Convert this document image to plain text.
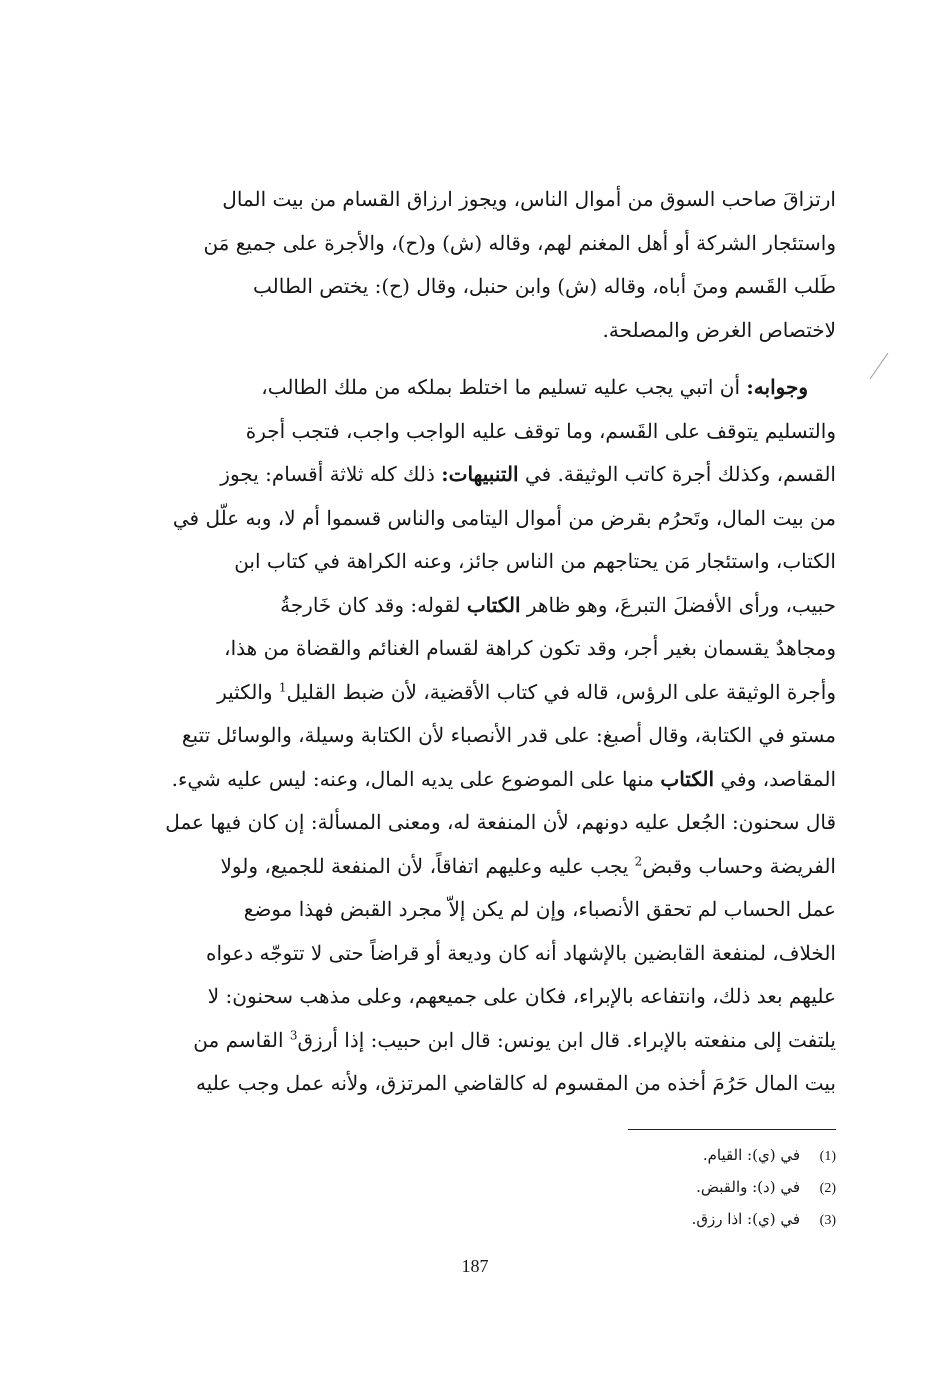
ارتزاقَ صاحب السوق من أموال الناس، ويجوز ارزاق القسام من بيت المال
واستئجار الشركة أو أهل المغنم لهم، وقاله (ش) و(ح)، والأجرة على جميع مَن
طَلب القَسم ومنَ أباه، وقاله (ش) وابن حنبل، وقال (ح): يختص الطالب
لاختصاص الغرض والمصلحة.

وجوابه: أن اتبي يجب عليه تسليم ما اختلط بملكه من ملك الطالب،
والتسليم يتوقف على القَسم، وما توقف عليه الواجب واجب، فتجب أجرة
القسم، وكذلك أجرة كاتب الوثيقة. في التنبيهات: ذلك كله ثلاثة أقسام: يجوز
من بيت المال، وتَحرُم بقرض من أموال اليتامى والناس قسموا أم لا، وبه علّل في
الكتاب، واستئجار مَن يحتاجهم من الناس جائز، وعنه الكراهة في كتاب ابن
حبيب، ورأى الأفضلَ التبرعَ، وهو ظاهر الكتاب لقوله: وقد كان خَارجةُ
ومجاهدٌ يقسمان بغير أجر، وقد تكون كراهة لقسام الغنائم والقضاة من هذا،
وأجرة الوثيقة على الرؤس، قاله في كتاب الأقضية، لأن ضبط القليل$^1$ والكثير
مستو في الكتابة، وقال أصبغ: على قدر الأنصباء لأن الكتابة وسيلة، والوسائل تتبع
المقاصد، وفي الكتاب منها على الموضوع على يديه المال، وعنه: ليس عليه شيء.
قال سحنون: الجُعل عليه دونهم، لأن المنفعة له، ومعنى المسألة: إن كان فيها عمل
الفريضة وحساب وقبض$^2$ يجب عليه وعليهم اتفاقاً، لأن المنفعة للجميع، ولولا
عمل الحساب لم تحقق الأنصباء، وإن لم يكن إلاّ مجرد القبض فهذا موضع
الخلاف، لمنفعة القابضين بالإشهاد أنه كان وديعة أو قراضاً حتى لا تتوجّه دعواه
عليهم بعد ذلك، وانتفاعه بالإبراء، فكان على جميعهم، وعلى مذهب سحنون: لا
يلتفت إلى منفعته بالإبراء. قال ابن يونس: قال ابن حبيب: إذا أرزق$^3$ القاسم من
بيت المال حَرُمَ أخذه من المقسوم له كالقاضي المرتزق، ولأنه عمل وجب عليه

(1)في (ي): القيام.
(2)في (د): والقبض.
(3)في (ي): اذا رزق.
187
